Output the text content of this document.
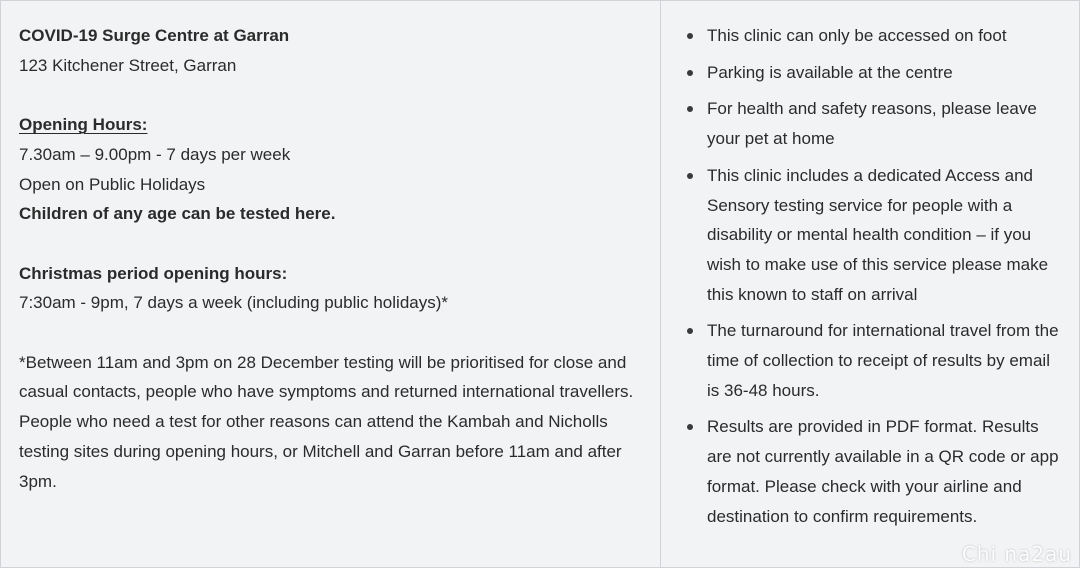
COVID-19 Surge Centre at Garran

123 Kitchener Street, Garran

Opening Hours:

7.30am – 9.00pm - 7 days per week

Open on Public Holidays

Children of any age can be tested here.

Christmas period opening hours:

7:30am - 9pm, 7 days a week (including public holidays)*

*Between 11am and 3pm on 28 December testing will be prioritised for close and casual contacts, people who have symptoms and returned international travellers. People who need a test for other reasons can attend the Kambah and Nicholls testing sites during opening hours, or Mitchell and Garran before 11am and after 3pm.

This clinic can only be accessed on foot
Parking is available at the centre
For health and safety reasons, please leave your pet at home
This clinic includes a dedicated Access and Sensory testing service for people with a disability or mental health condition – if you wish to make use of this service please make this known to staff on arrival
The turnaround for international travel from the time of collection to receipt of results by email is 36-48 hours.
Results are provided in PDF format. Results are not currently available in a QR code or app format. Please check with your airline and destination to confirm requirements.
Chi na2au
